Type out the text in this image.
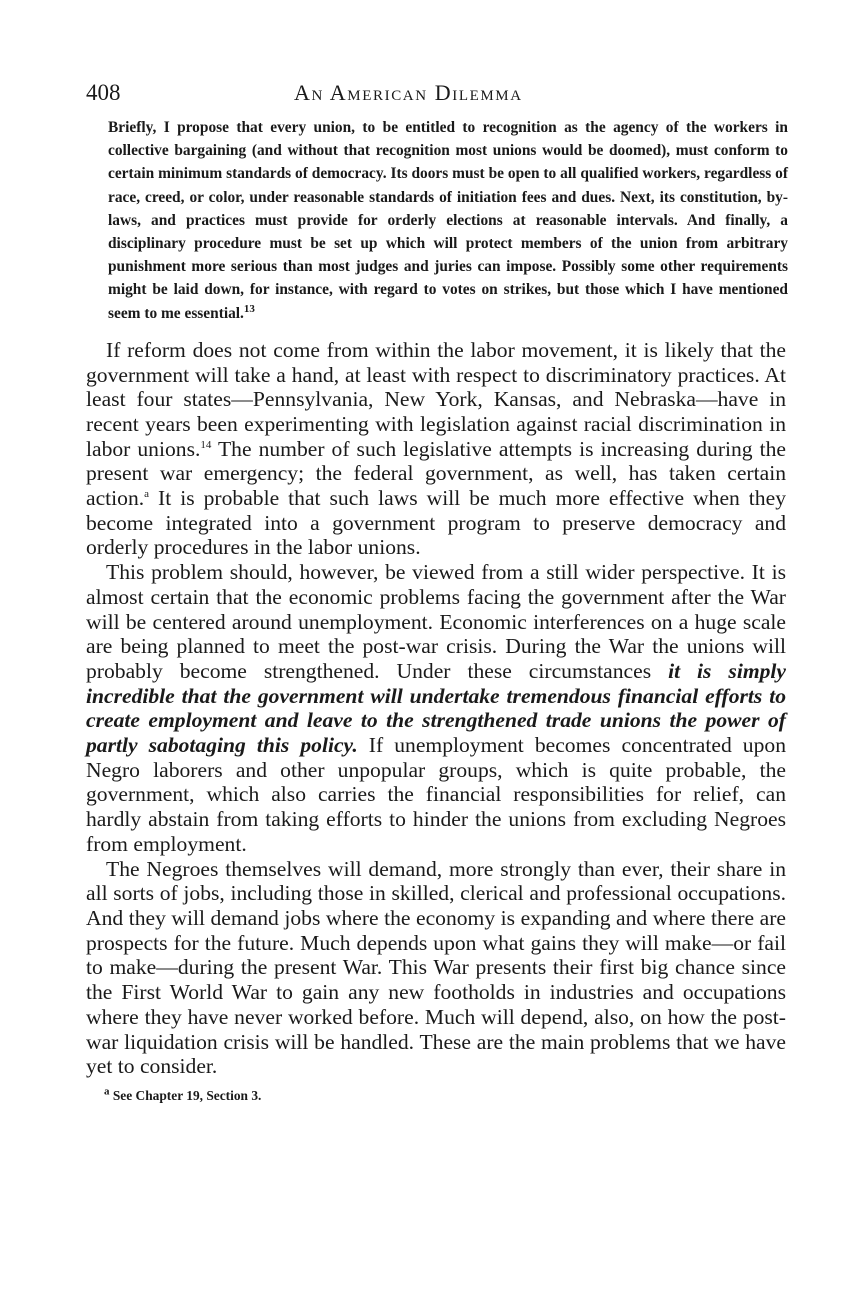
408	An American Dilemma
Briefly, I propose that every union, to be entitled to recognition as the agency of the workers in collective bargaining (and without that recognition most unions would be doomed), must conform to certain minimum standards of democracy. Its doors must be open to all qualified workers, regardless of race, creed, or color, under reasonable standards of initiation fees and dues. Next, its constitution, by-laws, and practices must provide for orderly elections at reasonable intervals. And finally, a disciplinary procedure must be set up which will protect members of the union from arbitrary punishment more serious than most judges and juries can impose. Possibly some other requirements might be laid down, for instance, with regard to votes on strikes, but those which I have mentioned seem to me essential.$^{13}$

If reform does not come from within the labor movement, it is likely that the government will take a hand, at least with respect to discriminatory practices. At least four states—Pennsylvania, New York, Kansas, and Nebraska—have in recent years been experimenting with legislation against racial discrimination in labor unions.$^{14}$ The number of such legislative attempts is increasing during the present war emergency; the federal government, as well, has taken certain action.$^a$ It is probable that such laws will be much more effective when they become integrated into a government program to preserve democracy and orderly procedures in the labor unions.

This problem should, however, be viewed from a still wider perspective. It is almost certain that the economic problems facing the government after the War will be centered around unemployment. Economic interferences on a huge scale are being planned to meet the post-war crisis. During the War the unions will probably become strengthened. Under these circumstances it is simply incredible that the government will undertake tremendous financial efforts to create employment and leave to the strengthened trade unions the power of partly sabotaging this policy. If unemployment becomes concentrated upon Negro laborers and other unpopular groups, which is quite probable, the government, which also carries the financial responsibilities for relief, can hardly abstain from taking efforts to hinder the unions from excluding Negroes from employment.

The Negroes themselves will demand, more strongly than ever, their share in all sorts of jobs, including those in skilled, clerical and professional occupations. And they will demand jobs where the economy is expanding and where there are prospects for the future. Much depends upon what gains they will make—or fail to make—during the present War. This War presents their first big chance since the First World War to gain any new footholds in industries and occupations where they have never worked before. Much will depend, also, on how the post-war liquidation crisis will be handled. These are the main problems that we have yet to consider.

$^a$ See Chapter 19, Section 3.
